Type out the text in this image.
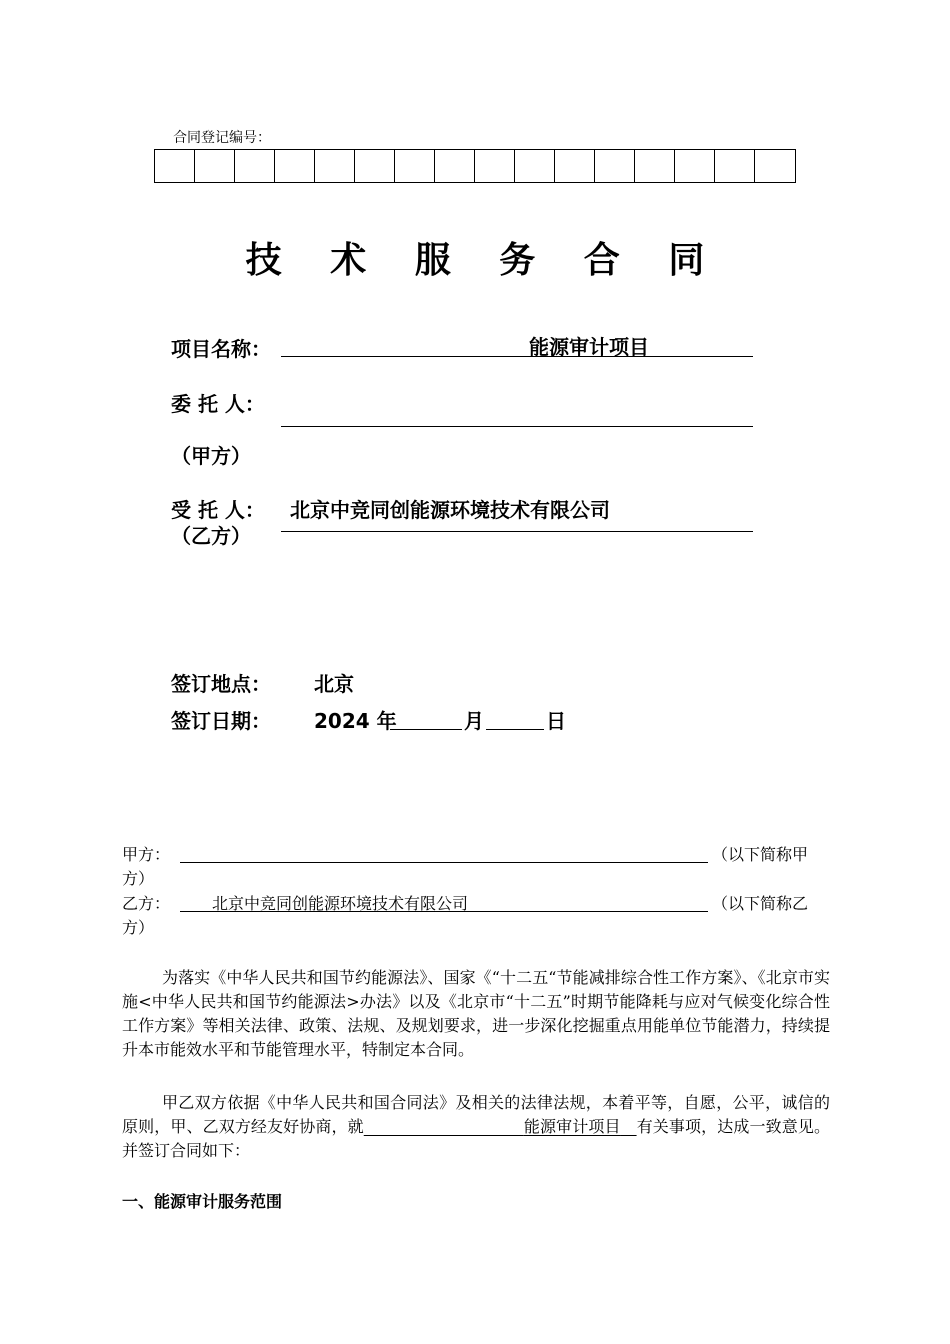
合同登记编号：
技 术 服 务 合 同
项目名称：	能源审计项目
委 托 人：
（甲方）
受 托 人： 北京中竞同创能源环境技术有限公司
（乙方）
签订地点： 北京
签订日期： 2024 年	月	日
甲方：	（以下简称甲
方）
乙方：	北京中竞同创能源环境技术有限公司	（以下简称乙
方）
为落实《中华人民共和国节约能源法》、国家《“十二五“节能减排综合性工作方案》、《北京市实施<中华人民共和国节约能源法>办法》以及《北京市“十二五”时期节能降耗与应对气候变化综合性工作方案》等相关法律、政策、法规、及规划要求，进一步深化挖掘重点用能单位节能潜力，持续提升本市能效水平和节能管理水平，特制定本合同。
甲乙双方依据《中华人民共和国合同法》及相关的法律法规，本着平等，自愿，公平，诚信的原则，甲、乙双方经友好协商，就          	能源审计项目  有关事项，达成一致意见。并签订合同如下：
一、能源审计服务范围
